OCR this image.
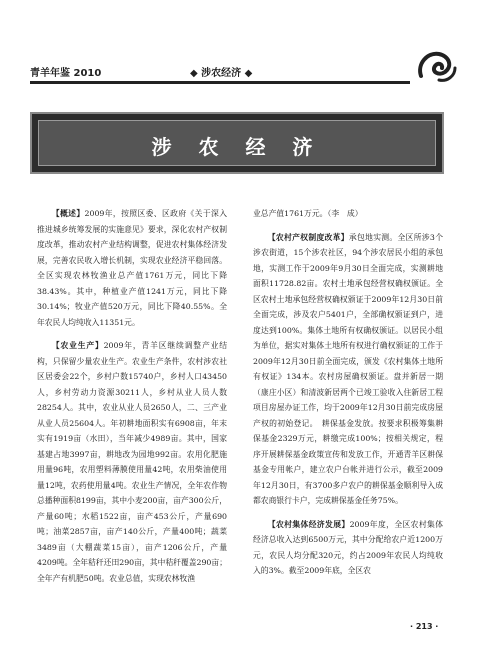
青羊年鉴 2010	◆ 涉农经济 ◆
涉 农 经 济

【概述】2009年，按照区委、区政府《关于深入推进城乡统筹发展的实施意见》要求，深化农村产权制度改革，推动农村产业结构调整，促进农村集体经济发展，完善农民收入增长机制，实现农业经济平稳回落。全区实现农林牧渔业总产值1761万元，同比下降38.43%。其中，种植业产值1241万元，同比下降30.14%；牧业产值520万元，同比下降40.55%。全年农民人均纯收入11351元。

【农业生产】2009年，青羊区继续调整产业结构，只保留少量农业生产。农业生产条件，农村涉农社区居委会22个，乡村户数15740户，乡村人口43450人，乡村劳动力资源30211人，乡村从业人员人数28254人。其中，农业从业人员2650人，二、三产业从业人员25604人。年初耕地面积实有6908亩，年末实有1919亩（水田），当年减少4989亩。其中，国家基建占地3997亩，耕地改为园地992亩。农用化肥施用量96吨，农用塑料薄膜使用量42吨，农用柴油使用量12吨，农药使用量4吨。农业生产情况，全年农作物总播种面积8199亩，其中小麦200亩，亩产300公斤，产量60吨；水稻1522亩，亩产453公斤，产量690吨；油菜2857亩，亩产140公斤，产量400吨；蔬菜3489亩（大棚蔬菜15亩），亩产1206公斤，产量4209吨。全年秸秆还田290亩，其中秸秆覆盖290亩；全年产有机肥50吨。农业总值，实现农林牧渔

业总产值1761万元。（李　成）

【农村产权制度改革】承包地实测。全区所涉3个涉农街道，15个涉农社区，94个涉农居民小组的承包地，实测工作于2009年9月30日全面完成，实测耕地面积11728.82亩。农村土地承包经营权确权颁证。全区农村土地承包经营权确权颁证于2009年12月30日前全面完成，涉及农户5401户，全部确权颁证到户，进度达到100%。集体土地所有权确权颁证。以居民小组为单位，据实对集体土地所有权进行确权颁证的工作于2009年12月30日前全面完成，颁发《农村集体土地所有权证》134本。农村房屋确权颁证。盘并新居一期（康庄小区）和清波新居两个已竣工验收入住新居工程项目房屋办证工作，均于2009年12月30日前完成房屋产权的初始登记。　耕保基金发放。按要求积极筹集耕保基金2329万元，耕缴完成100%；按相关规定，程序开展耕保基金政策宣传和发放工作，开通青羊区耕保基金专用帐户，建立农户台帐并进行公示，截至2009年12月30日，有3700多户农户的耕保基金顺利导入成都农商银行卡户，完成耕保基金任务75%。

【农村集体经济发展】2009年度，全区农村集体经济总收入达到6500万元，其中分配给农户近1200万元，农民人均分配320元，约占2009年农民人均纯收入的3%。截至2009年底，全区农

· 213 ·
